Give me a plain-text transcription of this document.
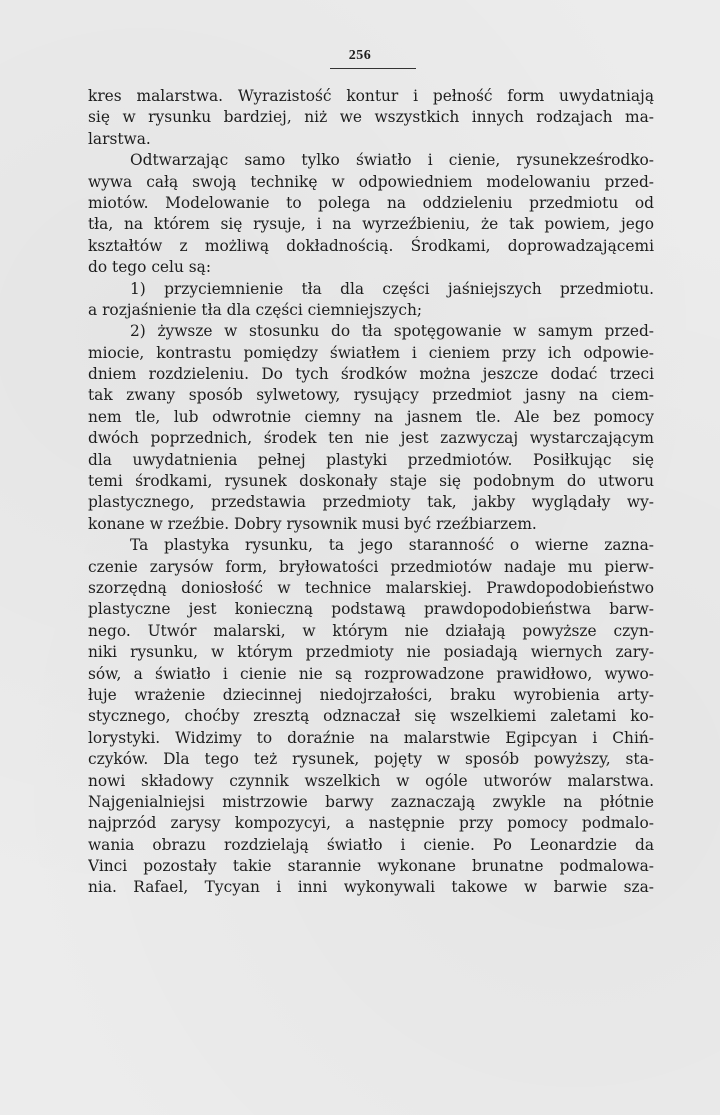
256
kres malarstwa. Wyrazistość kontur i pełność form uwydatniają
się w rysunku bardziej, niż we wszystkich innych rodzajach ma-
larstwa.
Odtwarzając samo tylko światło i cienie, rysunekześrodko-
wywa całą swoją technikę w odpowiedniem modelowaniu przed-
miotów. Modelowanie to polega na oddzieleniu przedmiotu od
tła, na którem się rysuje, i na wyrzeźbieniu, że tak powiem, jego
kształtów z możliwą dokładnością. Środkami, doprowadzającemi
do tego celu są:
1) przyciemnienie tła dla części jaśniejszych przedmiotu.
a rozjaśnienie tła dla części ciemniejszych;
2) żywsze w stosunku do tła spotęgowanie w samym przed-
miocie, kontrastu pomiędzy światłem i cieniem przy ich odpowie-
dniem rozdzieleniu. Do tych środków można jeszcze dodać trzeci
tak zwany sposób sylwetowy, rysujący przedmiot jasny na ciem-
nem tle, lub odwrotnie ciemny na jasnem tle. Ale bez pomocy
dwóch poprzednich, środek ten nie jest zazwyczaj wystarczającym
dla uwydatnienia pełnej plastyki przedmiotów. Posiłkując się
temi środkami, rysunek doskonały staje się podobnym do utworu
plastycznego, przedstawia przedmioty tak, jakby wyglądały wy-
konane w rzeźbie. Dobry rysownik musi być rzeźbiarzem.
Ta plastyka rysunku, ta jego staranność o wierne zazna-
czenie zarysów form, bryłowatości przedmiotów nadaje mu pierw-
szorzędną doniosłość w technice malarskiej. Prawdopodobieństwo
plastyczne jest konieczną podstawą prawdopodobieństwa barw-
nego. Utwór malarski, w którym nie działają powyższe czyn-
niki rysunku, w którym przedmioty nie posiadają wiernych zary-
sów, a światło i cienie nie są rozprowadzone prawidłowo, wywo-
łuje wrażenie dziecinnej niedojrzałości, braku wyrobienia arty-
stycznego, choćby zresztą odznaczał się wszelkiemi zaletami ko-
lorystyki. Widzimy to doraźnie na malarstwie Egipcyan i Chiń-
czyków. Dla tego też rysunek, pojęty w sposób powyższy, sta-
nowi składowy czynnik wszelkich w ogóle utworów malarstwa.
Najgenialniejsi mistrzowie barwy zaznaczają zwykle na płótnie
najprzód zarysy kompozycyi, a następnie przy pomocy podmalo-
wania obrazu rozdzielają światło i cienie. Po Leonardzie da
Vinci pozostały takie starannie wykonane brunatne podmalowa-
nia. Rafael, Tycyan i inni wykonywali takowe w barwie sza-
